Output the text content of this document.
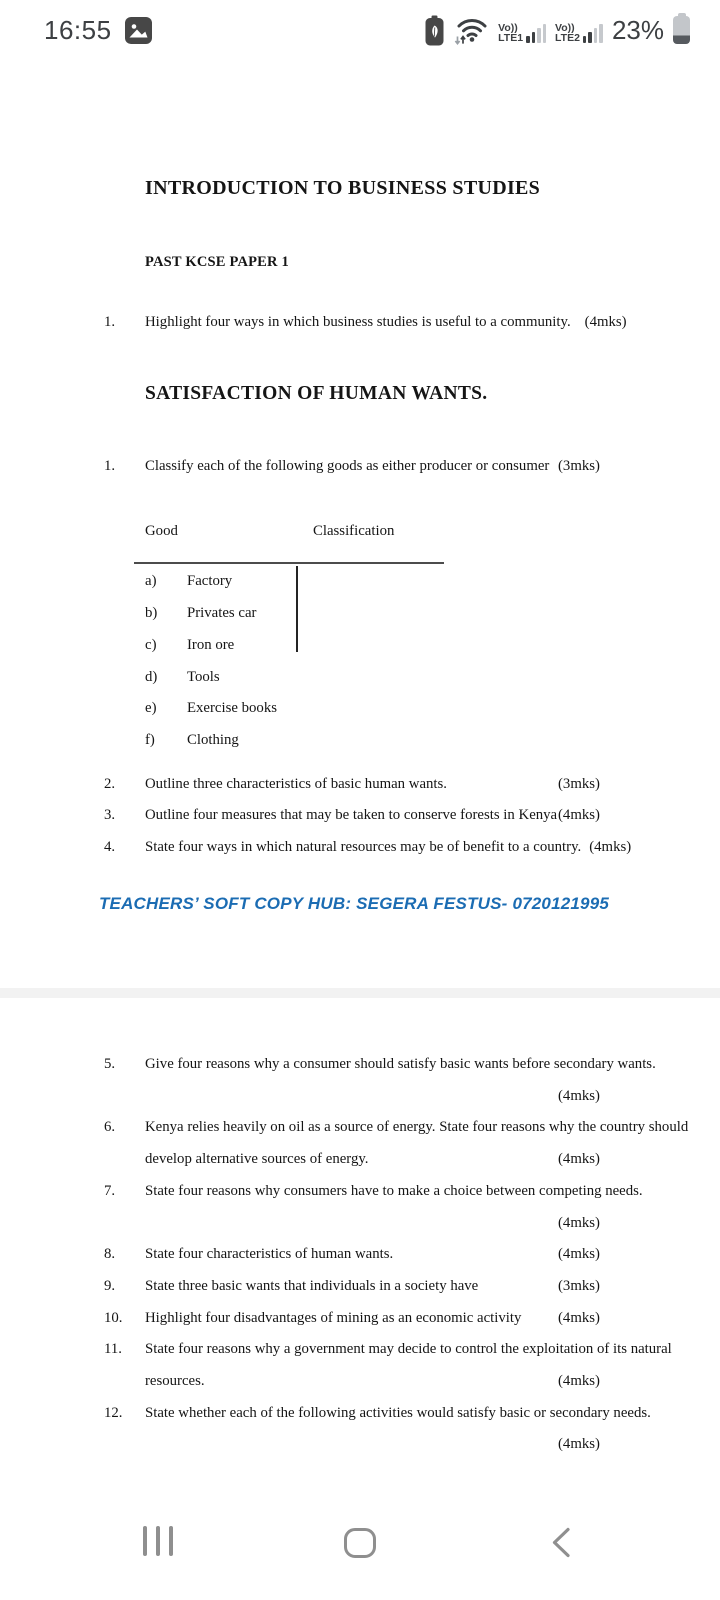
16:55	Vo))
LTE1
Vo))
LTE2 23%
INTRODUCTION TO BUSINESS STUDIES
PAST KCSE PAPER 1
1.	Highlight four ways in which business studies is useful to a community. (4mks)
SATISFACTION OF HUMAN WANTS.
1.	Classify each of the following goods as either producer or consumer (3mks)
Good	Classification
a)	Factory
b)	Privates car
c)	Iron ore
d)	Tools
e)	Exercise books
f)	Clothing
2.	Outline three characteristics of basic human wants.	(3mks)
3.	Outline four measures that may be taken to conserve forests in Kenya (4mks)
4.	State four ways in which natural resources may be of benefit to a country. (4mks)
TEACHERS’ SOFT COPY HUB: SEGERA FESTUS- 0720121995
5.	Give four reasons why a consumer should satisfy basic wants before secondary wants.
(4mks)
6.	Kenya relies heavily on oil as a source of energy. State four reasons why the country should
develop alternative sources of energy.	(4mks)
7.	State four reasons why consumers have to make a choice between competing needs.
(4mks)
8.	State four characteristics of human wants.	(4mks)
9.	State three basic wants that individuals in a society have	(3mks)
10.	Highlight four disadvantages of mining as an economic activity	(4mks)
11.	State four reasons why a government may decide to control the exploitation of its natural
resources.	(4mks)
12.	State whether each of the following activities would satisfy basic or secondary needs.
(4mks)
